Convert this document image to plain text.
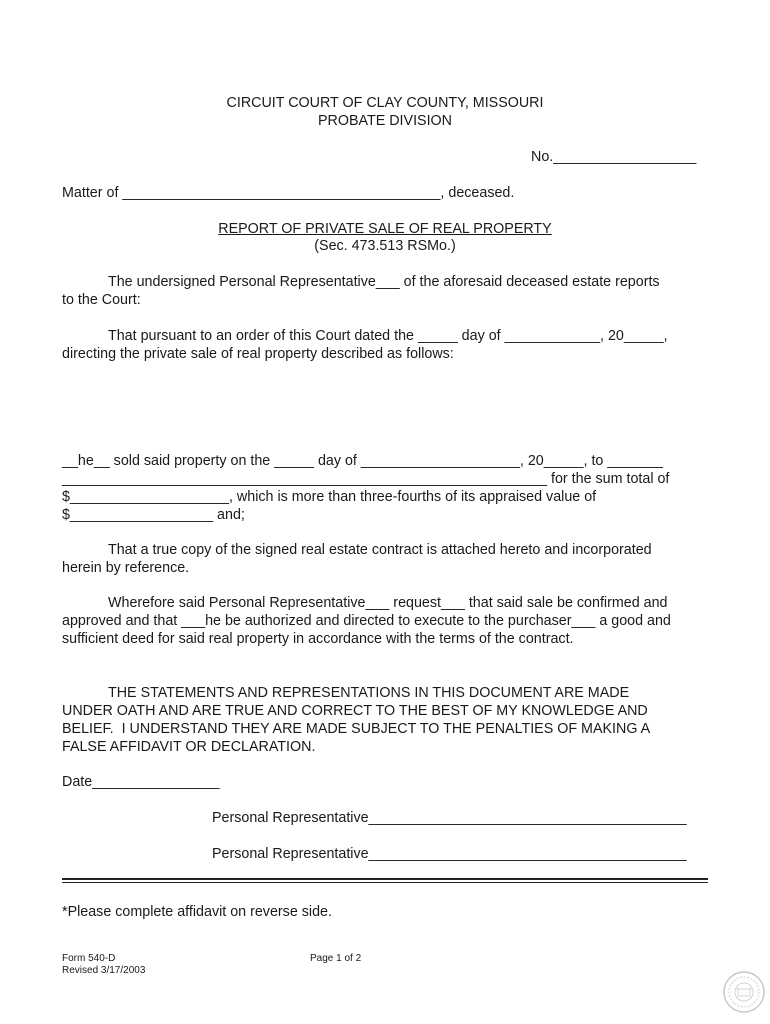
CIRCUIT COURT OF CLAY COUNTY, MISSOURI

PROBATE DIVISION

No.__________________

Matter of ________________________________________, deceased.

REPORT OF PRIVATE SALE OF REAL PROPERTY

(Sec. 473.513 RSMo.)

The undersigned Personal Representative___ of the aforesaid deceased estate reports

to the Court:

That pursuant to an order of this Court dated the _____ day of ____________, 20_____,

directing the private sale of real property described as follows:

__he__ sold said property on the _____ day of ____________________, 20_____, to _______

_____________________________________________________________ for the sum total of

$____________________, which is more than three-fourths of its appraised value of

$__________________ and;

That a true copy of the signed real estate contract is attached hereto and incorporated

herein by reference.

Wherefore said Personal Representative___ request___ that said sale be confirmed and

approved and that ___he be authorized and directed to execute to the purchaser___ a good and

sufficient deed for said real property in accordance with the terms of the contract.

THE STATEMENTS AND REPRESENTATIONS IN THIS DOCUMENT ARE MADE

UNDER OATH AND ARE TRUE AND CORRECT TO THE BEST OF MY KNOWLEDGE AND

BELIEF.  I UNDERSTAND THEY ARE MADE SUBJECT TO THE PENALTIES OF MAKING A

FALSE AFFIDAVIT OR DECLARATION.

Date________________

Personal Representative________________________________________

Personal Representative________________________________________

*Please complete affidavit on reverse side.

Form 540-D

Revised 3/17/2003

Page 1 of 2
